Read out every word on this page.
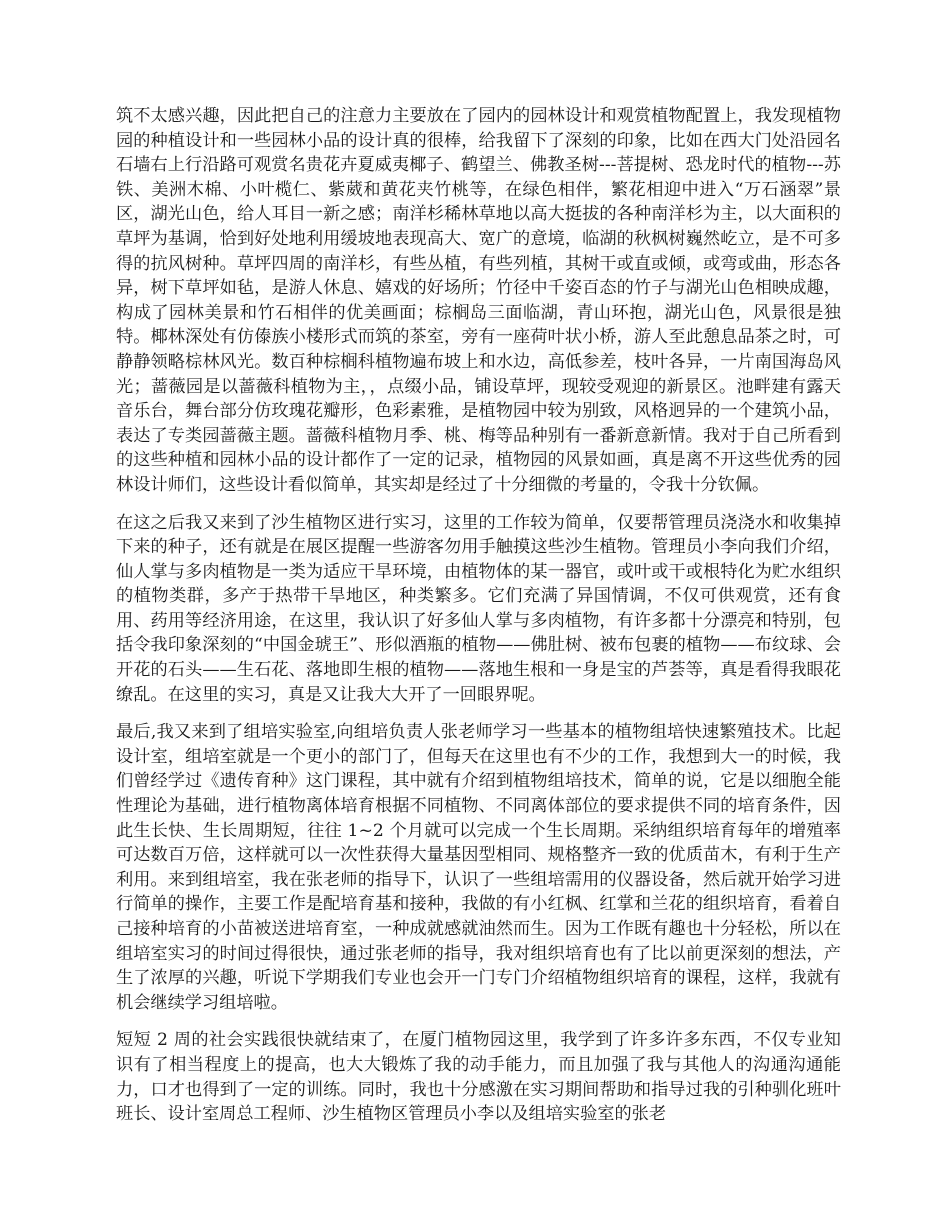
筑不太感兴趣，因此把自己的注意力主要放在了园内的园林设计和观赏植物配置上，我发现植物园的种植设计和一些园林小品的设计真的很棒，给我留下了深刻的印象，比如在西大门处沿园名石墙右上行沿路可观赏名贵花卉夏威夷椰子、鹤望兰、佛教圣树---菩提树、恐龙时代的植物---苏铁、美洲木棉、小叶榄仁、紫葳和黄花夹竹桃等，在绿色相伴，繁花相迎中进入“万石涵翠”景区，湖光山色，给人耳目一新之感；南洋杉稀林草地以高大挺拔的各种南洋杉为主，以大面积的草坪为基调，恰到好处地利用缓坡地表现高大、宽广的意境，临湖的秋枫树巍然屹立，是不可多得的抗风树种。草坪四周的南洋杉，有些丛植，有些列植，其树干或直或倾，或弯或曲，形态各异，树下草坪如毡，是游人休息、嬉戏的好场所；竹径中千姿百态的竹子与湖光山色相映成趣，构成了园林美景和竹石相伴的优美画面；棕榈岛三面临湖，青山环抱，湖光山色，风景很是独特。椰林深处有仿傣族小楼形式而筑的茶室，旁有一座荷叶状小桥，游人至此憩息品茶之时，可静静领略棕林风光。数百种棕榈科植物遍布坡上和水边，高低参差，枝叶各异，一片南国海岛风光；蔷薇园是以蔷薇科植物为主，，点缀小品，铺设草坪，现较受观迎的新景区。池畔建有露天音乐台，舞台部分仿玫瑰花瓣形，色彩素雅，是植物园中较为别致，风格迥异的一个建筑小品，表达了专类园蔷薇主题。蔷薇科植物月季、桃、梅等品种别有一番新意新情。我对于自己所看到的这些种植和园林小品的设计都作了一定的记录，植物园的风景如画，真是离不开这些优秀的园林设计师们，这些设计看似简单，其实却是经过了十分细微的考量的，令我十分钦佩。

在这之后我又来到了沙生植物区进行实习，这里的工作较为简单，仅要帮管理员浇浇水和收集掉下来的种子，还有就是在展区提醒一些游客勿用手触摸这些沙生植物。管理员小李向我们介绍，仙人掌与多肉植物是一类为适应干旱环境，由植物体的某一器官，或叶或干或根特化为贮水组织的植物类群，多产于热带干旱地区，种类繁多。它们充满了异国情调，不仅可供观赏，还有食用、药用等经济用途，在这里，我认识了好多仙人掌与多肉植物，有许多都十分漂亮和特别，包括令我印象深刻的“中国金琥王”、形似酒瓶的植物——佛肚树、被布包裹的植物——布纹球、会开花的石头——生石花、落地即生根的植物——落地生根和一身是宝的芦荟等，真是看得我眼花缭乱。在这里的实习，真是又让我大大开了一回眼界呢。

最后,我又来到了组培实验室,向组培负责人张老师学习一些基本的植物组培快速繁殖技术。比起设计室，组培室就是一个更小的部门了，但每天在这里也有不少的工作，我想到大一的时候，我们曾经学过《遗传育种》这门课程，其中就有介绍到植物组培技术，简单的说，它是以细胞全能性理论为基础，进行植物离体培育根据不同植物、不同离体部位的要求提供不同的培育条件，因此生长快、生长周期短，往往 1~2 个月就可以完成一个生长周期。采纳组织培育每年的增殖率可达数百万倍，这样就可以一次性获得大量基因型相同、规格整齐一致的优质苗木，有利于生产利用。来到组培室，我在张老师的指导下，认识了一些组培需用的仪器设备，然后就开始学习进行简单的操作，主要工作是配培育基和接种，我做的有小红枫、红掌和兰花的组织培育，看着自己接种培育的小苗被送进培育室，一种成就感就油然而生。因为工作既有趣也十分轻松，所以在组培室实习的时间过得很快，通过张老师的指导，我对组织培育也有了比以前更深刻的想法，产生了浓厚的兴趣，听说下学期我们专业也会开一门专门介绍植物组织培育的课程，这样，我就有机会继续学习组培啦。

短短 2 周的社会实践很快就结束了，在厦门植物园这里，我学到了许多许多东西，不仅专业知识有了相当程度上的提高，也大大锻炼了我的动手能力，而且加强了我与其他人的沟通沟通能力，口才也得到了一定的训练。同时，我也十分感激在实习期间帮助和指导过我的引种驯化班叶班长、设计室周总工程师、沙生植物区管理员小李以及组培实验室的张老
